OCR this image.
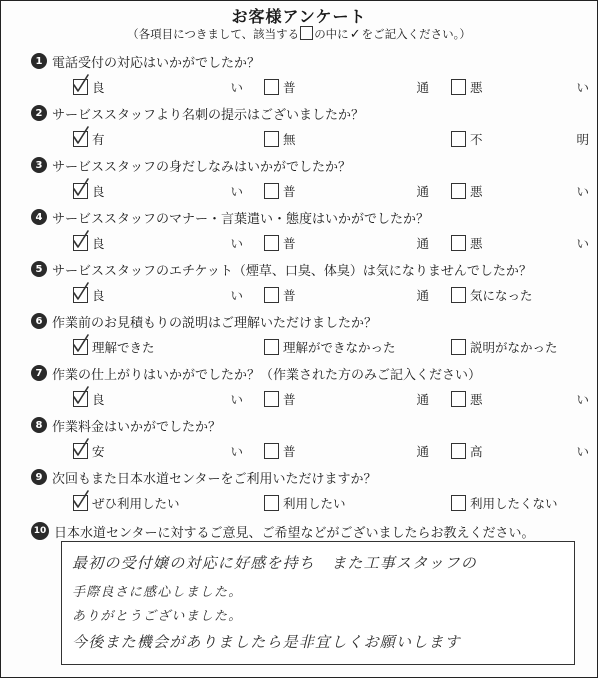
お客様アンケート
（各項目につきまして、該当する の中に✓をご記入ください。）
1 電話受付の対応はいかがでしたか？
良	い	普	通	悪	い
2 サービススタッフより名刺の提示はございましたか？
有	無	不	明
3 サービススタッフの身だしなみはいかがでしたか？
良	い	普	通	悪	い
4 サービススタッフのマナー・言葉遣い・態度はいかがでしたか？
良	い	普	通	悪	い
5 サービススタッフのエチケット（煙草、口臭、体臭）は気になりませんでしたか？
良	い	普	通	気になった
6 作業前のお見積もりの説明はご理解いただけましたか？
理解できた	理解ができなかった	説明がなかった
7 作業の仕上がりはいかがでしたか？（作業された方のみご記入ください）
良	い	普	通	悪	い
8 作業料金はいかがでしたか？
安	い	普	通	高	い
9 次回もまた日本水道センターをご利用いただけますか？
ぜひ利用したい	利用したい	利用したくない
10 日本水道センターに対するご意見、ご希望などがございましたらお教えください。
最初の受付嬢の対応に好感を持ち　また工事スタッフの
手際良さに感心しました。
ありがとうございました。
今後また機会がありましたら是非宜しくお願いします
